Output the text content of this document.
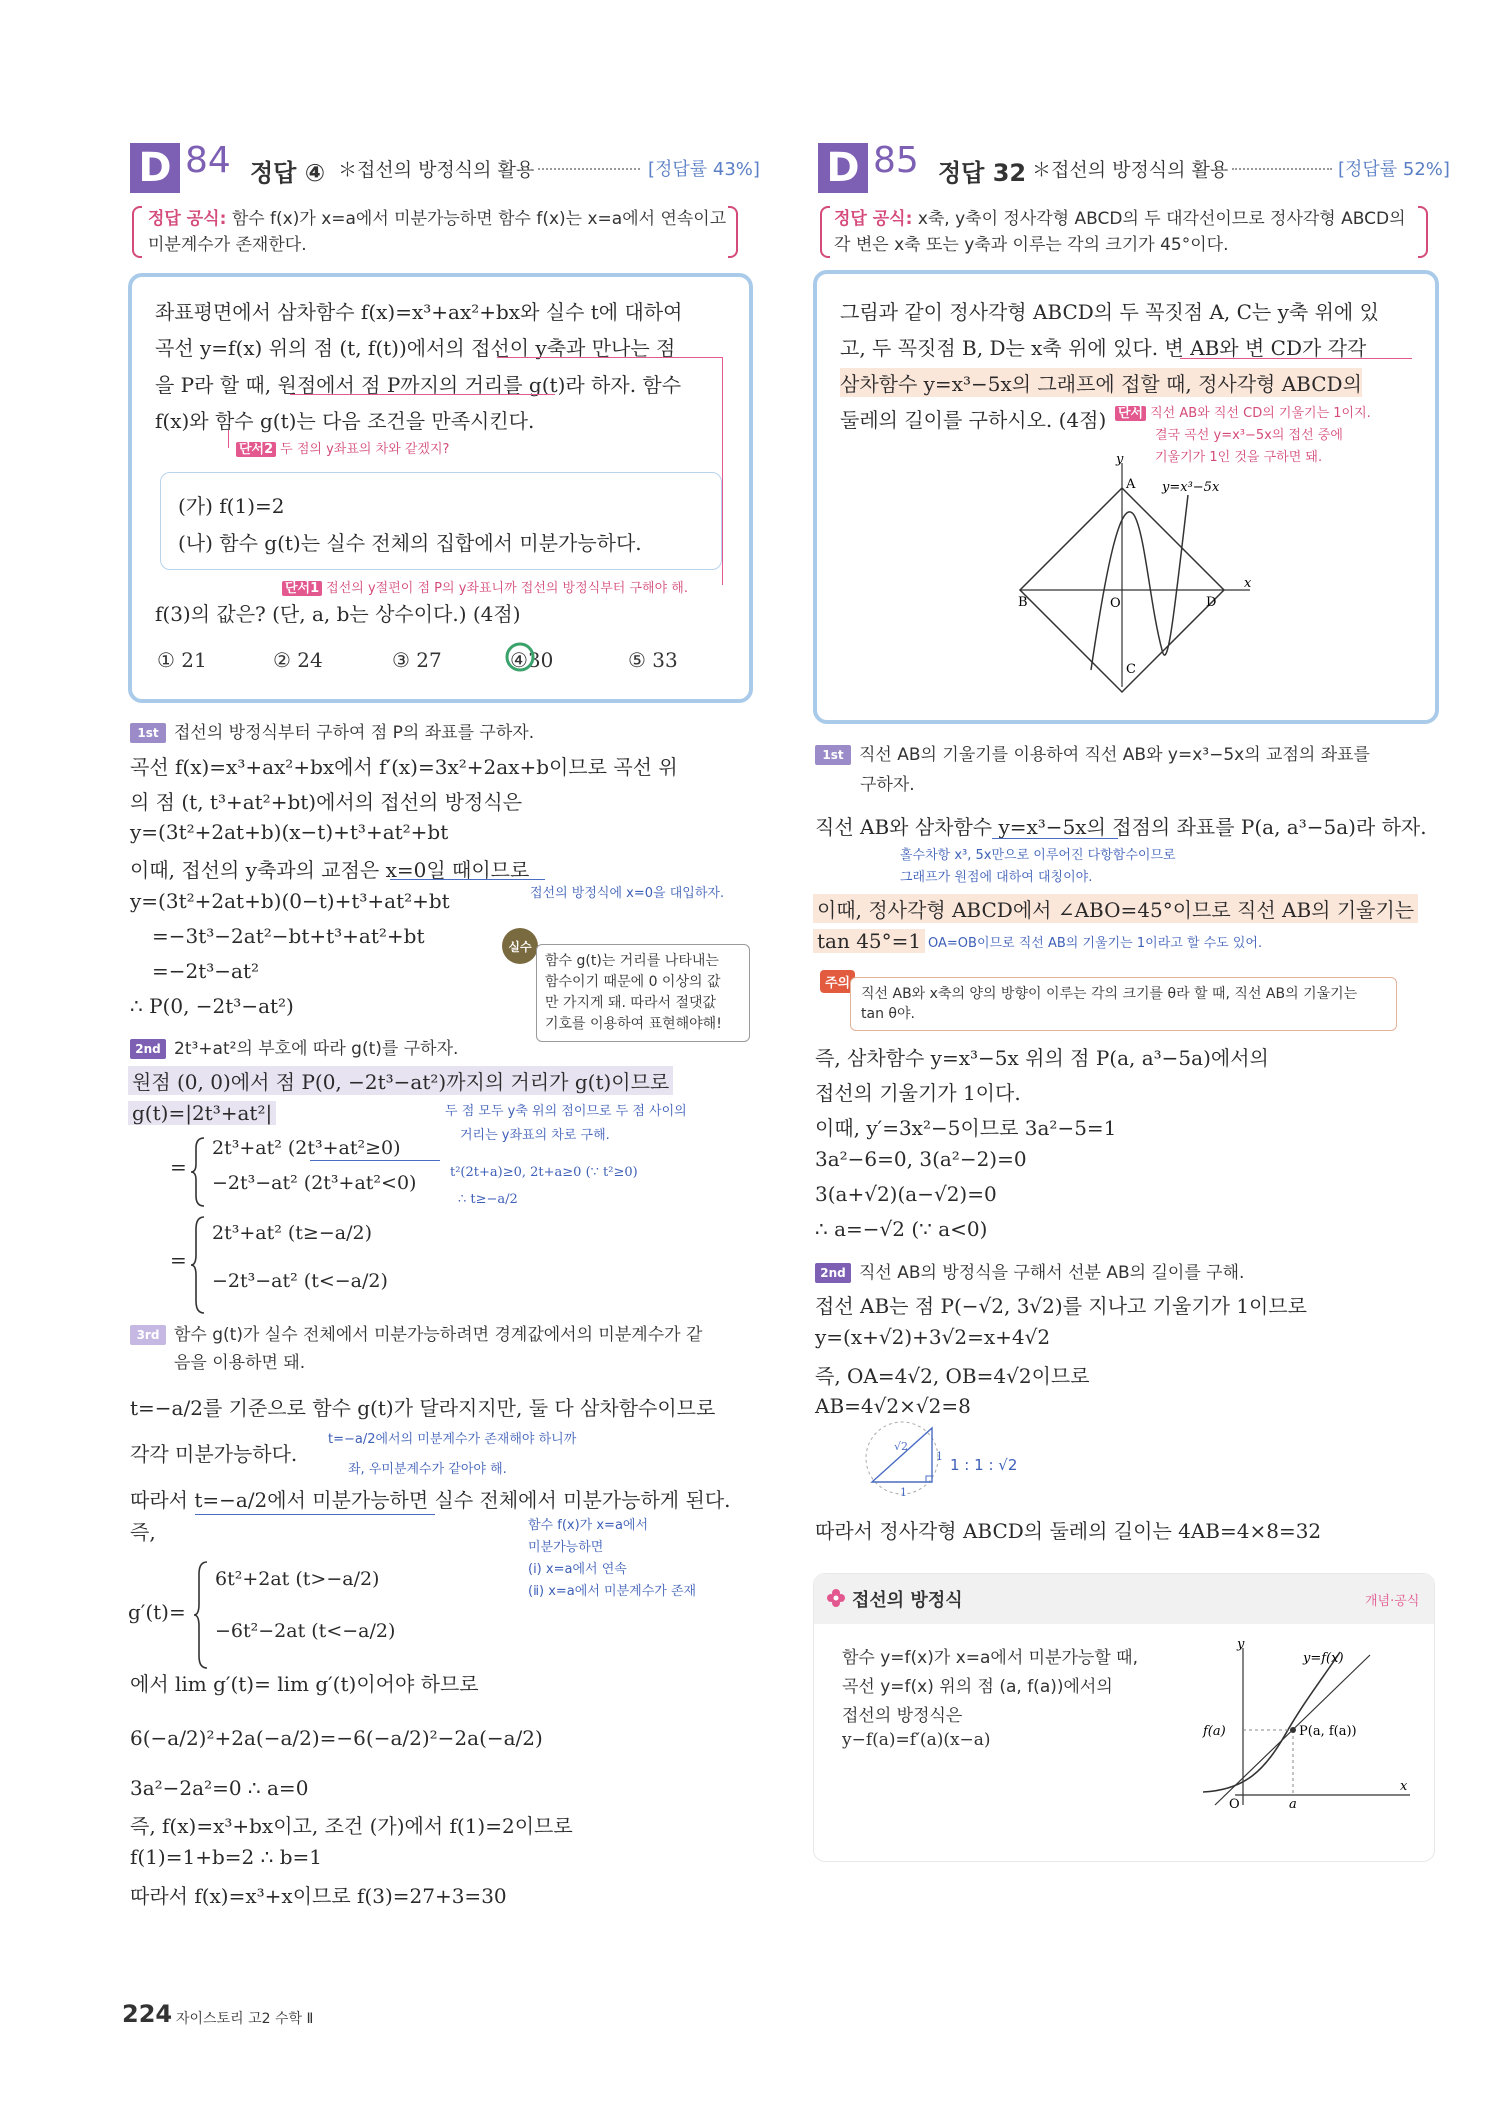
D 84 정답 ④ ＊접선의 방정식의 활용	[정답률 43%]
정답 공식: 함수 f(x)가 x=a에서 미분가능하면 함수 f(x)는 x=a에서 연속이고
미분계수가 존재한다.
좌표평면에서 삼차함수 f(x)=x³+ax²+bx와 실수 t에 대하여
곡선 y=f(x) 위의 점 (t, f(t))에서의 접선이 y축과 만나는 점
을 P라 할 때, 원점에서 점 P까지의 거리를 g(t)라 하자. 함수
f(x)와 함수 g(t)는 다음 조건을 만족시킨다.
단서2 두 점의 y좌표의 차와 같겠지?
(가) f(1)=2
(나) 함수 g(t)는 실수 전체의 집합에서 미분가능하다.
단서1 접선의 y절편이 점 P의 y좌표니까 접선의 방정식부터 구해야 해.
f(3)의 값은? (단, a, b는 상수이다.) (4점)
① 21	② 24	③ 27	④30	⑤ 33
1st 접선의 방정식부터 구하여 점 P의 좌표를 구하자.
곡선 f(x)=x³+ax²+bx에서 f′(x)=3x²+2ax+b이므로 곡선 위
의 점 (t, t³+at²+bt)에서의 접선의 방정식은
y=(3t²+2at+b)(x−t)+t³+at²+bt
이때, 접선의 y축과의 교점은 x=0일 때이므로
접선의 방정식에 x=0을 대입하자.
y=(3t²+2at+b)(0−t)+t³+at²+bt
=−3t³−2at²−bt+t³+at²+bt
=−2t³−at²
∴ P(0, −2t³−at²)
실수
함수 g(t)는 거리를 나타내는
함수이기 때문에 0 이상의 값
만 가지게 돼. 따라서 절댓값
기호를 이용하여 표현해야해!
2nd 2t³+at²의 부호에 따라 g(t)를 구하자.
원점 (0, 0)에서 점 P(0, −2t³−at²)까지의 거리가 g(t)이므로
두 점 모두 y축 위의 점이므로 두 점 사이의
거리는 y좌표의 차로 구해.
g(t)=|2t³+at²|
=
2t³+at² (2t³+at²≥0)
−2t³−at² (2t³+at²<0)	t²(2t+a)≥0, 2t+a≥0 (∵ t²≥0)
∴ t≥−a/2
=
2t³+at² (t≥−a/2)
−2t³−at² (t<−a/2)
3rd 함수 g(t)가 실수 전체에서 미분가능하려면 경계값에서의 미분계수가 같
음을 이용하면 돼.
t=−a/2를 기준으로 함수 g(t)가 달라지지만, 둘 다 삼차함수이므로
각각 미분가능하다.
t=−a/2에서의 미분계수가 존재해야 하니까
좌, 우미분계수가 같아야 해.
따라서 t=−a/2에서 미분가능하면 실수 전체에서 미분가능하게 된다.
즉,	함수 f(x)가 x=a에서
미분가능하면
(ⅰ) x=a에서 연속
(ⅱ) x=a에서 미분계수가 존재
g′(t)=
6t²+2at (t>−a/2)
−6t²−2at (t<−a/2)
에서 lim g′(t)= lim g′(t)이어야 하므로
6(−a/2)²+2a(−a/2)=−6(−a/2)²−2a(−a/2)
3a²−2a²=0 ∴ a=0
즉, f(x)=x³+bx이고, 조건 (가)에서 f(1)=2이므로
f(1)=1+b=2 ∴ b=1
따라서 f(x)=x³+x이므로 f(3)=27+3=30
D 85 정답 32 ＊접선의 방정식의 활용	[정답률 52%]
정답 공식: x축, y축이 정사각형 ABCD의 두 대각선이므로 정사각형 ABCD의
각 변은 x축 또는 y축과 이루는 각의 크기가 45°이다.
그림과 같이 정사각형 ABCD의 두 꼭짓점 A, C는 y축 위에 있
고, 두 꼭짓점 B, D는 x축 위에 있다. 변 AB와 변 CD가 각각
삼차함수 y=x³−5x의 그래프에 접할 때, 정사각형 ABCD의
둘레의 길이를 구하시오. (4점) 단서 직선 AB와 직선 CD의 기울기는 1이지.
결국 곡선 y=x³−5x의 접선 중에
기울기가 1인 것을 구하면 돼.
y
x
A
B
C
D
O
y=x³−5x
1st 직선 AB의 기울기를 이용하여 직선 AB와 y=x³−5x의 교점의 좌표를
구하자.
직선 AB와 삼차함수 y=x³−5x의 접점의 좌표를 P(a, a³−5a)라 하자.
홀수차항 x³, 5x만으로 이루어진 다항함수이므로
그래프가 원점에 대하여 대칭이야.
이때, 정사각형 ABCD에서 ∠ABO=45°이므로 직선 AB의 기울기는
tan 45°=1 OA=OB이므로 직선 AB의 기울기는 1이라고 할 수도 있어.
주의
직선 AB와 x축의 양의 방향이 이루는 각의 크기를 θ라 할 때, 직선 AB의 기울기는
tan θ야.
즉, 삼차함수 y=x³−5x 위의 점 P(a, a³−5a)에서의
접선의 기울기가 1이다.
이때, y′=3x²−5이므로 3a²−5=1
3a²−6=0, 3(a²−2)=0
3(a+√2)(a−√2)=0
∴ a=−√2 (∵ a<0)
2nd 직선 AB의 방정식을 구해서 선분 AB의 길이를 구해.
접선 AB는 점 P(−√2, 3√2)를 지나고 기울기가 1이므로
y=(x+√2)+3√2=x+4√2
즉, OA=4√2, OB=4√2이므로
AB=4√2×√2=8
√2
1
1
1 : 1 : √2
따라서 정사각형 ABCD의 둘레의 길이는 4AB=4×8=32
접선의 방정식	개념·공식
함수 y=f(x)가 x=a에서 미분가능할 때,
곡선 y=f(x) 위의 점 (a, f(a))에서의
접선의 방정식은
y−f(a)=f′(a)(x−a)
y
x
y=f(x)
f(a)	P(a, f(a))
O	a
224 자이스토리 고2 수학 Ⅱ
